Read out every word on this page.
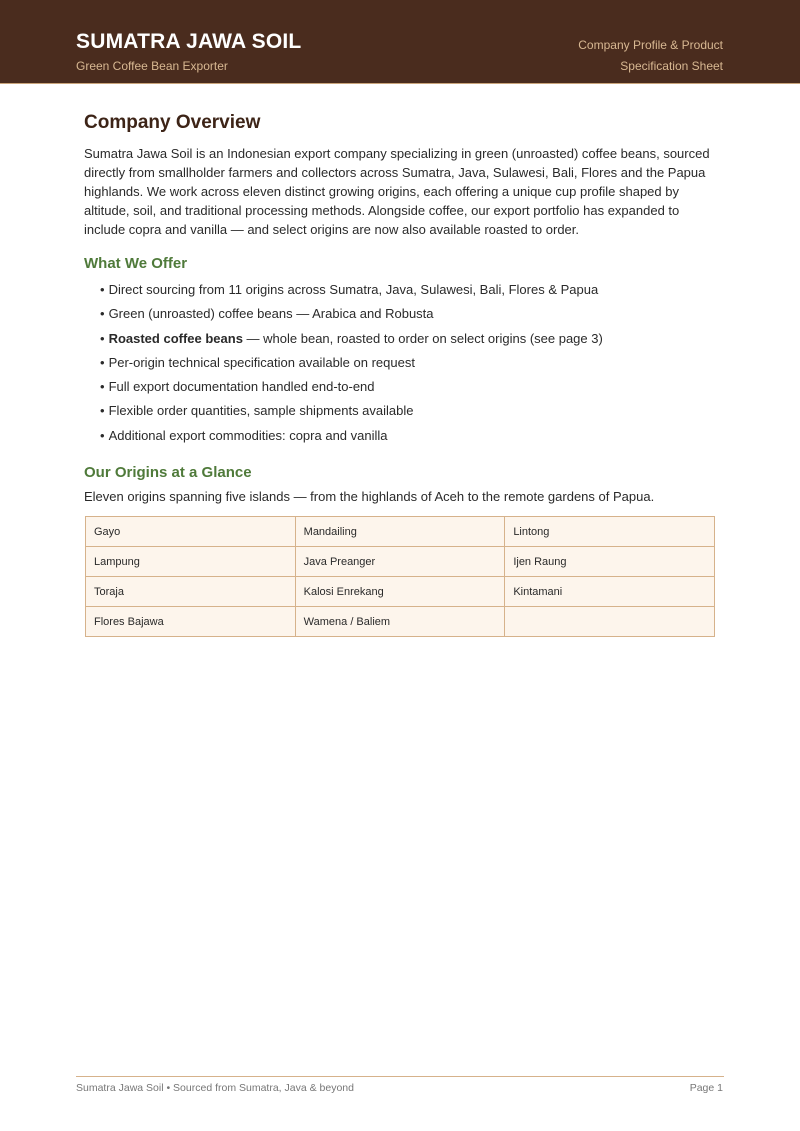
SUMATRA JAWA SOIL
Green Coffee Bean Exporter
Company Profile & Product
Specification Sheet
Company Overview

Sumatra Jawa Soil is an Indonesian export company specializing in green (unroasted) coffee beans, sourced directly from smallholder farmers and collectors across Sumatra, Java, Sulawesi, Bali, Flores and the Papua highlands. We work across eleven distinct growing origins, each offering a unique cup profile shaped by altitude, soil, and traditional processing methods. Alongside coffee, our export portfolio has expanded to include copra and vanilla — and select origins are now also available roasted to order.

What We Offer
• Direct sourcing from 11 origins across Sumatra, Java, Sulawesi, Bali, Flores & Papua
• Green (unroasted) coffee beans — Arabica and Robusta
• Roasted coffee beans — whole bean, roasted to order on select origins (see page 3)
• Per-origin technical specification available on request
• Full export documentation handled end-to-end
• Flexible order quantities, sample shipments available
• Additional export commodities: copra and vanilla
Our Origins at a Glance

Eleven origins spanning five islands — from the highlands of Aceh to the remote gardens of Papua.

Gayo	Mandailing	Lintong
Lampung	Java Preanger	Ijen Raung
Toraja	Kalosi Enrekang	Kintamani
Flores Bajawa	Wamena / Baliem	
Sumatra Jawa Soil • Sourced from Sumatra, Java & beyond	Page 1
